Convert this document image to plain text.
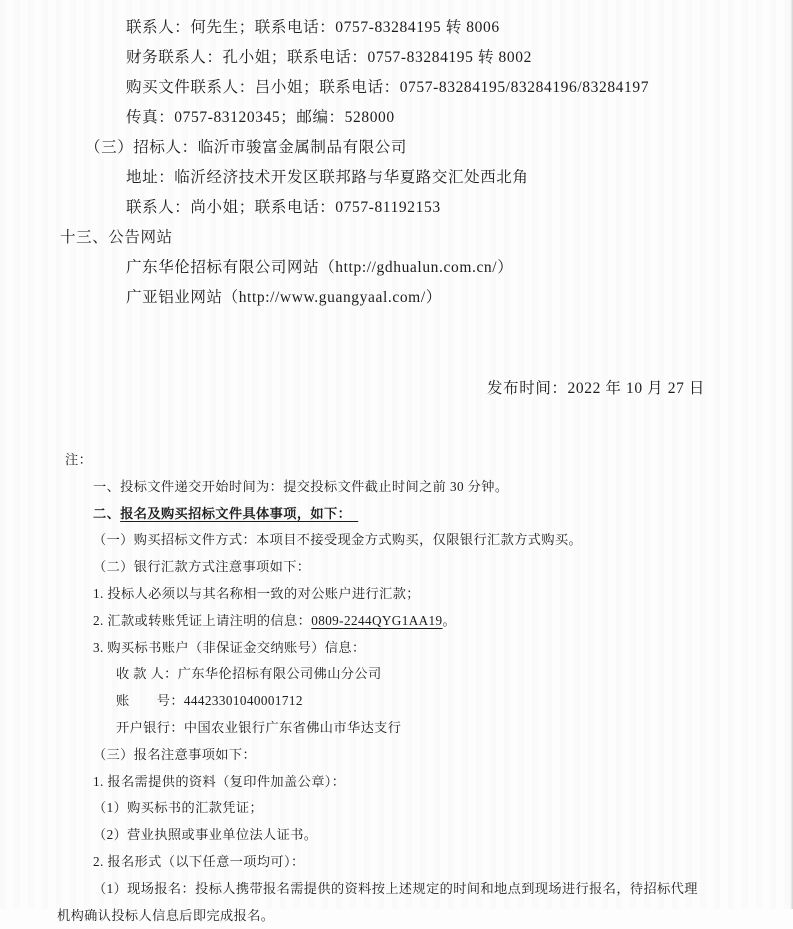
联系人：何先生；联系电话：0757-83284195 转 8006
财务联系人：孔小姐；联系电话：0757-83284195 转 8002
购买文件联系人：吕小姐；联系电话：0757-83284195/83284196/83284197
传真：0757-83120345；邮编：528000
（三）招标人：临沂市骏富金属制品有限公司
地址：临沂经济技术开发区联邦路与华夏路交汇处西北角
联系人：尚小姐；联系电话：0757-81192153
十三、公告网站
广东华伦招标有限公司网站（http://gdhualun.com.cn/）
广亚铝业网站（http://www.guangyaal.com/）
发布时间：2022 年 10 月 27 日
注：
一、投标文件递交开始时间为：提交投标文件截止时间之前 30 分钟。
二、报名及购买招标文件具体事项，如下：　
（一）购买招标文件方式：本项目不接受现金方式购买，仅限银行汇款方式购买。
（二）银行汇款方式注意事项如下：
1. 投标人必须以与其名称相一致的对公账户进行汇款；
2. 汇款或转账凭证上请注明的信息：0809-2244QYG1AA19。
3. 购买标书账户（非保证金交纳账号）信息：
收 款 人：广东华伦招标有限公司佛山分公司
账　　号：44423301040001712
开户银行：中国农业银行广东省佛山市华达支行
（三）报名注意事项如下：
1. 报名需提供的资料（复印件加盖公章）：
（1）购买标书的汇款凭证；
（2）营业执照或事业单位法人证书。
2. 报名形式（以下任意一项均可）：
（1）现场报名：投标人携带报名需提供的资料按上述规定的时间和地点到现场进行报名，待招标代理
机构确认投标人信息后即完成报名。
